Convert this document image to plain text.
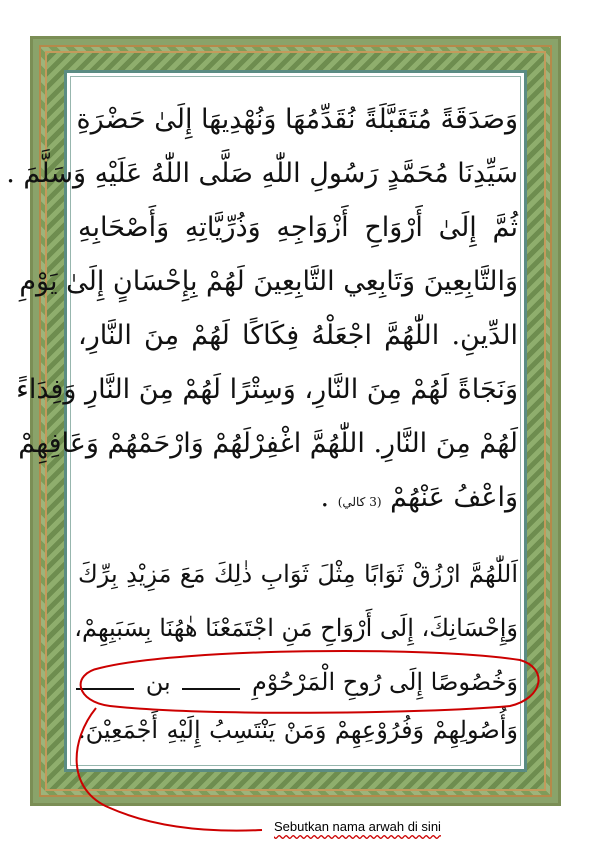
وَصَدَقَةً مُتَقَبَّلَةً نُقَدِّمُهَا وَنُهْدِيهَا إِلَىٰ حَضْرَةِ
سَيِّدِنَا مُحَمَّدٍ رَسُولِ اللّٰهِ صَلَّى اللّٰهُ عَلَيْهِ وَسَلَّمَ .
ثُمَّ إِلَىٰ أَرْوَاحِ أَزْوَاجِهِ وَذُرِّيَّاتِهِ وَأَصْحَابِهِ
وَالتَّابِعِينَ وَتَابِعِي التَّابِعِينَ لَهُمْ بِإِحْسَانٍ إِلَىٰ يَوْمِ
الدِّينِ. اللّٰهُمَّ اجْعَلْهُ فِكَاكًا لَهُمْ مِنَ النَّارِ،
وَنَجَاةً لَهُمْ مِنَ النَّارِ، وَسِتْرًا لَهُمْ مِنَ النَّارِ وَفِدَاءً
لَهُمْ مِنَ النَّارِ. اللّٰهُمَّ اغْفِرْلَهُمْ وَارْحَمْهُمْ وَعَافِهِمْ
وَاعْفُ عَنْهُمْ (3 كالي) .
اَللّٰهُمَّ ارْزُقْ ثَوَابًا مِثْلَ ثَوَابِ ذٰلِكَ مَعَ مَزِيْدِ بِرِّكَ
وَإِحْسَانِكَ، إِلَى أَرْوَاحِ مَنِ اجْتَمَعْنَا هٰهُنَا بِسَبَبِهِمْ،
وَخُصُوصًا إِلَى رُوحِ الْمَرْحُوْمِ  بن
وَأُصُولِهِمْ وَفُرُوْعِهِمْ وَمَنْ يَنْتَسِبُ إِلَيْهِ أَجْمَعِيْنَ.
Sebutkan nama arwah di sini
